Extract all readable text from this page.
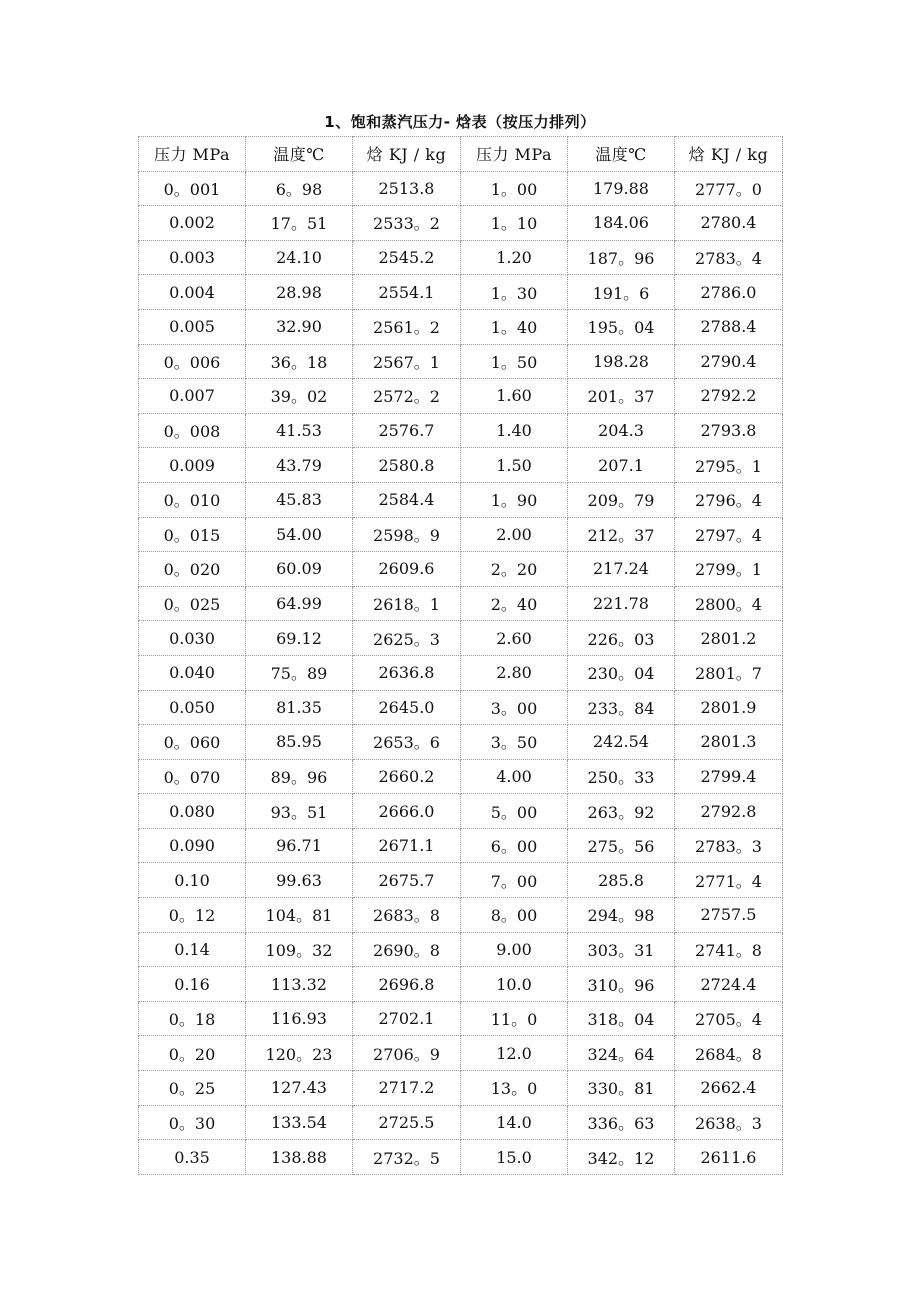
1、饱和蒸汽压力- 焓表（按压力排列）
压力 MPa	温度℃	焓 KJ / kg	压力 MPa	温度℃	焓 KJ / kg
0。001	6。98	2513.8	1。00	179.88	2777。0
0.002	17。51	2533。2	1。10	184.06	2780.4
0.003	24.10	2545.2	1.20	187。96	2783。4
0.004	28.98	2554.1	1。30	191。6	2786.0
0.005	32.90	2561。2	1。40	195。04	2788.4
0。006	36。18	2567。1	1。50	198.28	2790.4
0.007	39。02	2572。2	1.60	201。37	2792.2
0。008	41.53	2576.7	1.40	204.3	2793.8
0.009	43.79	2580.8	1.50	207.1	2795。1
0。010	45.83	2584.4	1。90	209。79	2796。4
0。015	54.00	2598。9	2.00	212。37	2797。4
0。020	60.09	2609.6	2。20	217.24	2799。1
0。025	64.99	2618。1	2。40	221.78	2800。4
0.030	69.12	2625。3	2.60	226。03	2801.2
0.040	75。89	2636.8	2.80	230。04	2801。7
0.050	81.35	2645.0	3。00	233。84	2801.9
0。060	85.95	2653。6	3。50	242.54	2801.3
0。070	89。96	2660.2	4.00	250。33	2799.4
0.080	93。51	2666.0	5。00	263。92	2792.8
0.090	96.71	2671.1	6。00	275。56	2783。3
0.10	99.63	2675.7	7。00	285.8	2771。4
0。12	104。81	2683。8	8。00	294。98	2757.5
0.14	109。32	2690。8	9.00	303。31	2741。8
0.16	113.32	2696.8	10.0	310。96	2724.4
0。18	116.93	2702.1	11。0	318。04	2705。4
0。20	120。23	2706。9	12.0	324。64	2684。8
0。25	127.43	2717.2	13。0	330。81	2662.4
0。30	133.54	2725.5	14.0	336。63	2638。3
0.35	138.88	2732。5	15.0	342。12	2611.6
